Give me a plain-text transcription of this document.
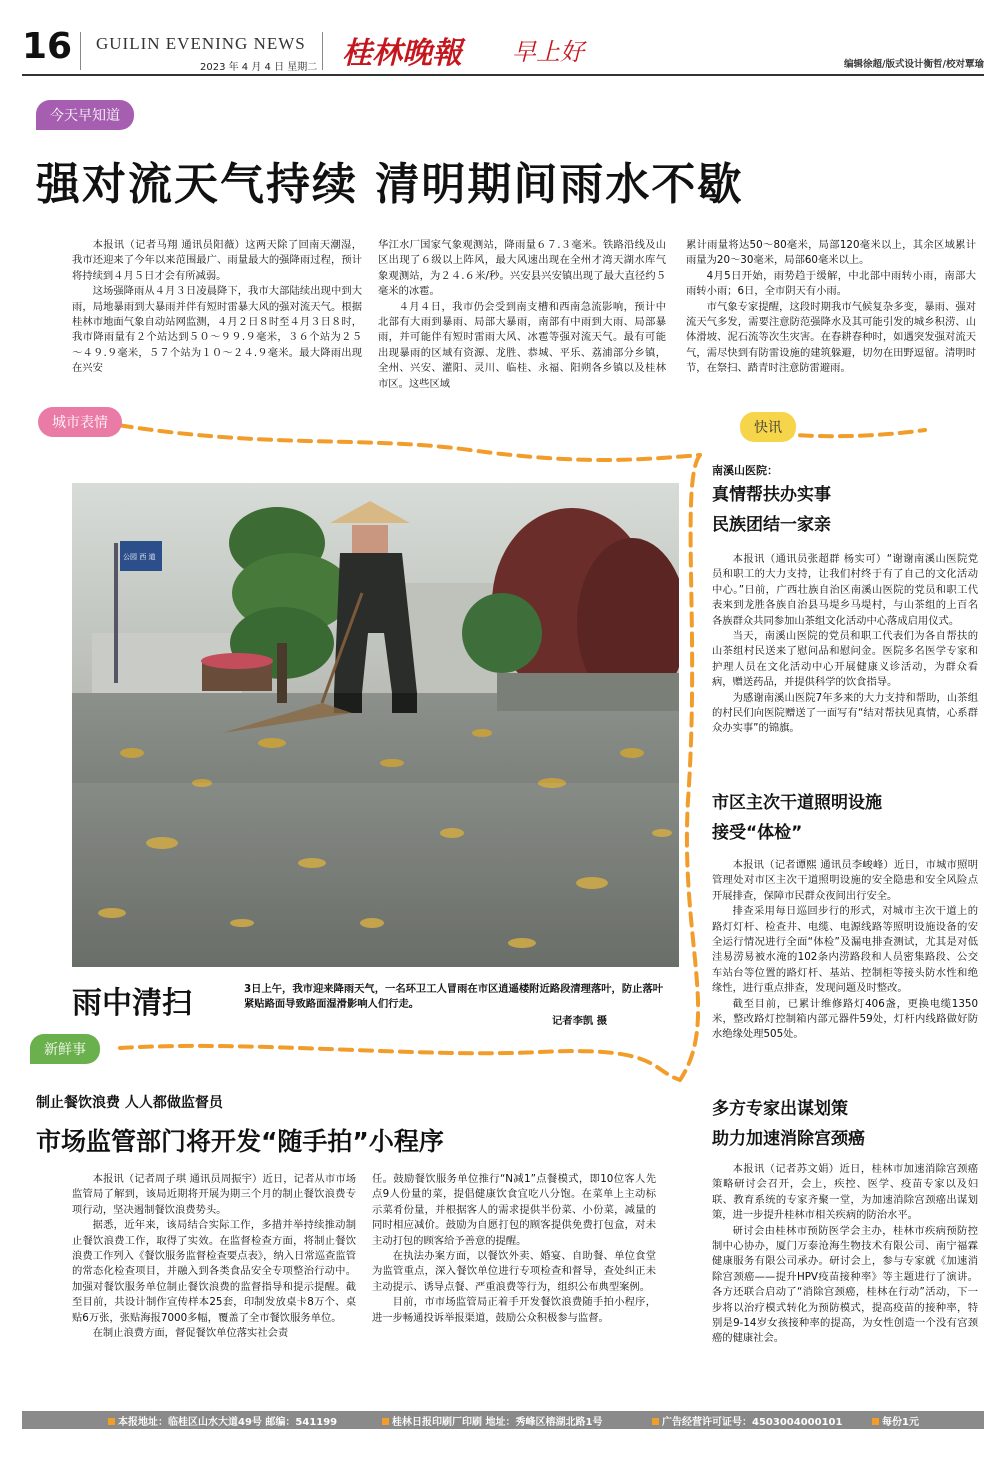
16 GUILIN EVENING NEWS
2023 年 4 月 4 日 星期二 桂林晚報 早上好	编辑徐超/版式设计衡哲/校对覃瑜
今天早知道
强对流天气持续 清明期间雨水不歇

本报讯（记者马翔 通讯员阳薇）这两天除了回南天潮湿，我市还迎来了今年以来范围最广、雨量最大的强降雨过程，预计将持续到４月５日才会有所减弱。

这场强降雨从４月３日凌晨降下，我市大部陆续出现中到大雨，局地暴雨到大暴雨并伴有短时雷暴大风的强对流天气。根据桂林市地面气象自动站网监测，４月２日８时至４月３日８时，我市降雨量有２个站达到５０～９９.９毫米，３６个站为２５～４９.９毫米，５７个站为１０～２４.９毫米。最大降雨出现在兴安

华江水厂国家气象观测站，降雨量６７.３毫米。铁路沿线及山区出现了６级以上阵风，最大风速出现在全州才湾天湖水库气象观测站，为２４.６米/秒。兴安县兴安镇出现了最大直径约５毫米的冰雹。

４月４日，我市仍会受到南支槽和西南急流影响，预计中北部有大雨到暴雨、局部大暴雨，南部有中雨到大雨、局部暴雨，并可能伴有短时雷雨大风、冰雹等强对流天气。最有可能出现暴雨的区域有资源、龙胜、恭城、平乐、荔浦部分乡镇，全州、兴安、灌阳、灵川、临桂、永福、阳朔各乡镇以及桂林市区。这些区域

累计雨量将达50～80毫米，局部120毫米以上，其余区域累计雨量为20～30毫米，局部60毫米以上。

4月5日开始，雨势趋于缓解，中北部中雨转小雨，南部大雨转小雨；6日，全市阴天有小雨。

市气象专家提醒，这段时期我市气候复杂多变，暴雨、强对流天气多发，需要注意防范强降水及其可能引发的城乡积涝、山体滑坡、泥石流等次生灾害。在春耕春种时，如遇突发强对流天气，需尽快到有防雷设施的建筑躲避，切勿在田野逗留。清明时节，在祭扫、踏青时注意防雷避雨。

城市表情	快讯
公园 西 道
雨中清扫	3日上午，我市迎来降雨天气，一名环卫工人冒雨在市区逍遥楼附近路段清理落叶，防止落叶紧贴路面导致路面湿滑影响人们行走。
记者李凯 摄
南溪山医院：
真情帮扶办实事
民族团结一家亲

本报讯（通讯员张超群 杨实可）“谢谢南溪山医院党员和职工的大力支持，让我们村终于有了自己的文化活动中心。”日前，广西壮族自治区南溪山医院的党员和职工代表来到龙胜各族自治县马堤乡马堤村，与山茶组的上百名各族群众共同参加山茶组文化活动中心落成启用仪式。

当天，南溪山医院的党员和职工代表们为各自帮扶的山茶组村民送来了慰问品和慰问金。医院多名医学专家和护理人员在文化活动中心开展健康义诊活动，为群众看病，赠送药品，并提供科学的饮食指导。

为感谢南溪山医院7年多来的大力支持和帮助，山茶组的村民们向医院赠送了一面写有“结对帮扶见真情，心系群众办实事”的锦旗。

市区主次干道照明设施
接受“体检”

本报讯（记者谭熙 通讯员李峻峰）近日，市城市照明管理处对市区主次干道照明设施的安全隐患和安全风险点开展排查，保障市民群众夜间出行安全。

排查采用每日巡回步行的形式，对城市主次干道上的路灯灯杆、检查井、电缆、电源线路等照明设施设备的安全运行情况进行全面“体检”及漏电排查测试，尤其是对低洼易涝易被水淹的102条内涝路段和人员密集路段、公交车站台等位置的路灯杆、基站、控制柜等接头防水性和绝缘性，进行重点排查，发现问题及时整改。

截至目前，已累计维修路灯406盏，更换电缆1350米，整改路灯控制箱内部元器件59处，灯杆内线路做好防水绝缘处理505处。

多方专家出谋划策
助力加速消除宫颈癌

本报讯（记者苏文娟）近日，桂林市加速消除宫颈癌策略研讨会召开，会上，疾控、医学、疫苗专家以及妇联、教育系统的专家齐聚一堂，为加速消除宫颈癌出谋划策，进一步提升桂林市相关疾病的防治水平。

研讨会由桂林市预防医学会主办，桂林市疾病预防控制中心协办，厦门万泰沧海生物技术有限公司、南宁福霖健康服务有限公司承办。研讨会上，参与专家就《加速消除宫颈癌——提升HPV疫苗接种率》等主题进行了演讲。各方还联合启动了“消除宫颈癌，桂林在行动”活动，下一步将以治疗模式转化为预防模式，提高疫苗的接种率，特别是9-14岁女孩接种率的提高，为女性创造一个没有宫颈癌的健康社会。

新鲜事
制止餐饮浪费 人人都做监督员
市场监管部门将开发“随手拍”小程序

本报讯（记者周子琪 通讯员周振宇）近日，记者从市市场监管局了解到，该局近期将开展为期三个月的制止餐饮浪费专项行动，坚决遏制餐饮浪费势头。

据悉，近年来，该局结合实际工作，多措并举持续推动制止餐饮浪费工作，取得了实效。在监督检查方面，将制止餐饮浪费工作列入《餐饮服务监督检查要点表》，纳入日常巡查监管的常态化检查项目，并融入到各类食品安全专项整治行动中。加强对餐饮服务单位制止餐饮浪费的监督指导和提示提醒。截至目前，共设计制作宣传样本25套，印制发放桌卡8万个、桌贴6万张，张贴海报7000多幅，覆盖了全市餐饮服务单位。

在制止浪费方面，督促餐饮单位落实社会责

任。鼓励餐饮服务单位推行“N减1”点餐模式，即10位客人先点9人份量的菜，提倡健康饮食宜吃八分饱。在菜单上主动标示菜肴份量，并根据客人的需求提供半份菜、小份菜，减量的同时相应减价。鼓励为自愿打包的顾客提供免费打包盒，对未主动打包的顾客给予善意的提醒。

在执法办案方面，以餐饮外卖、婚宴、自助餐、单位食堂为监管重点，深入餐饮单位进行专项检查和督导，查处纠正未主动提示、诱导点餐、严重浪费等行为，组织公布典型案例。

目前，市市场监管局正着手开发餐饮浪费随手拍小程序，进一步畅通投诉举报渠道，鼓励公众积极参与监督。

本报地址：临桂区山水大道49号 邮编：541199	桂林日报印刷厂印刷 地址：秀峰区榕湖北路1号	广告经营许可证号：4503004000101	每份1元
